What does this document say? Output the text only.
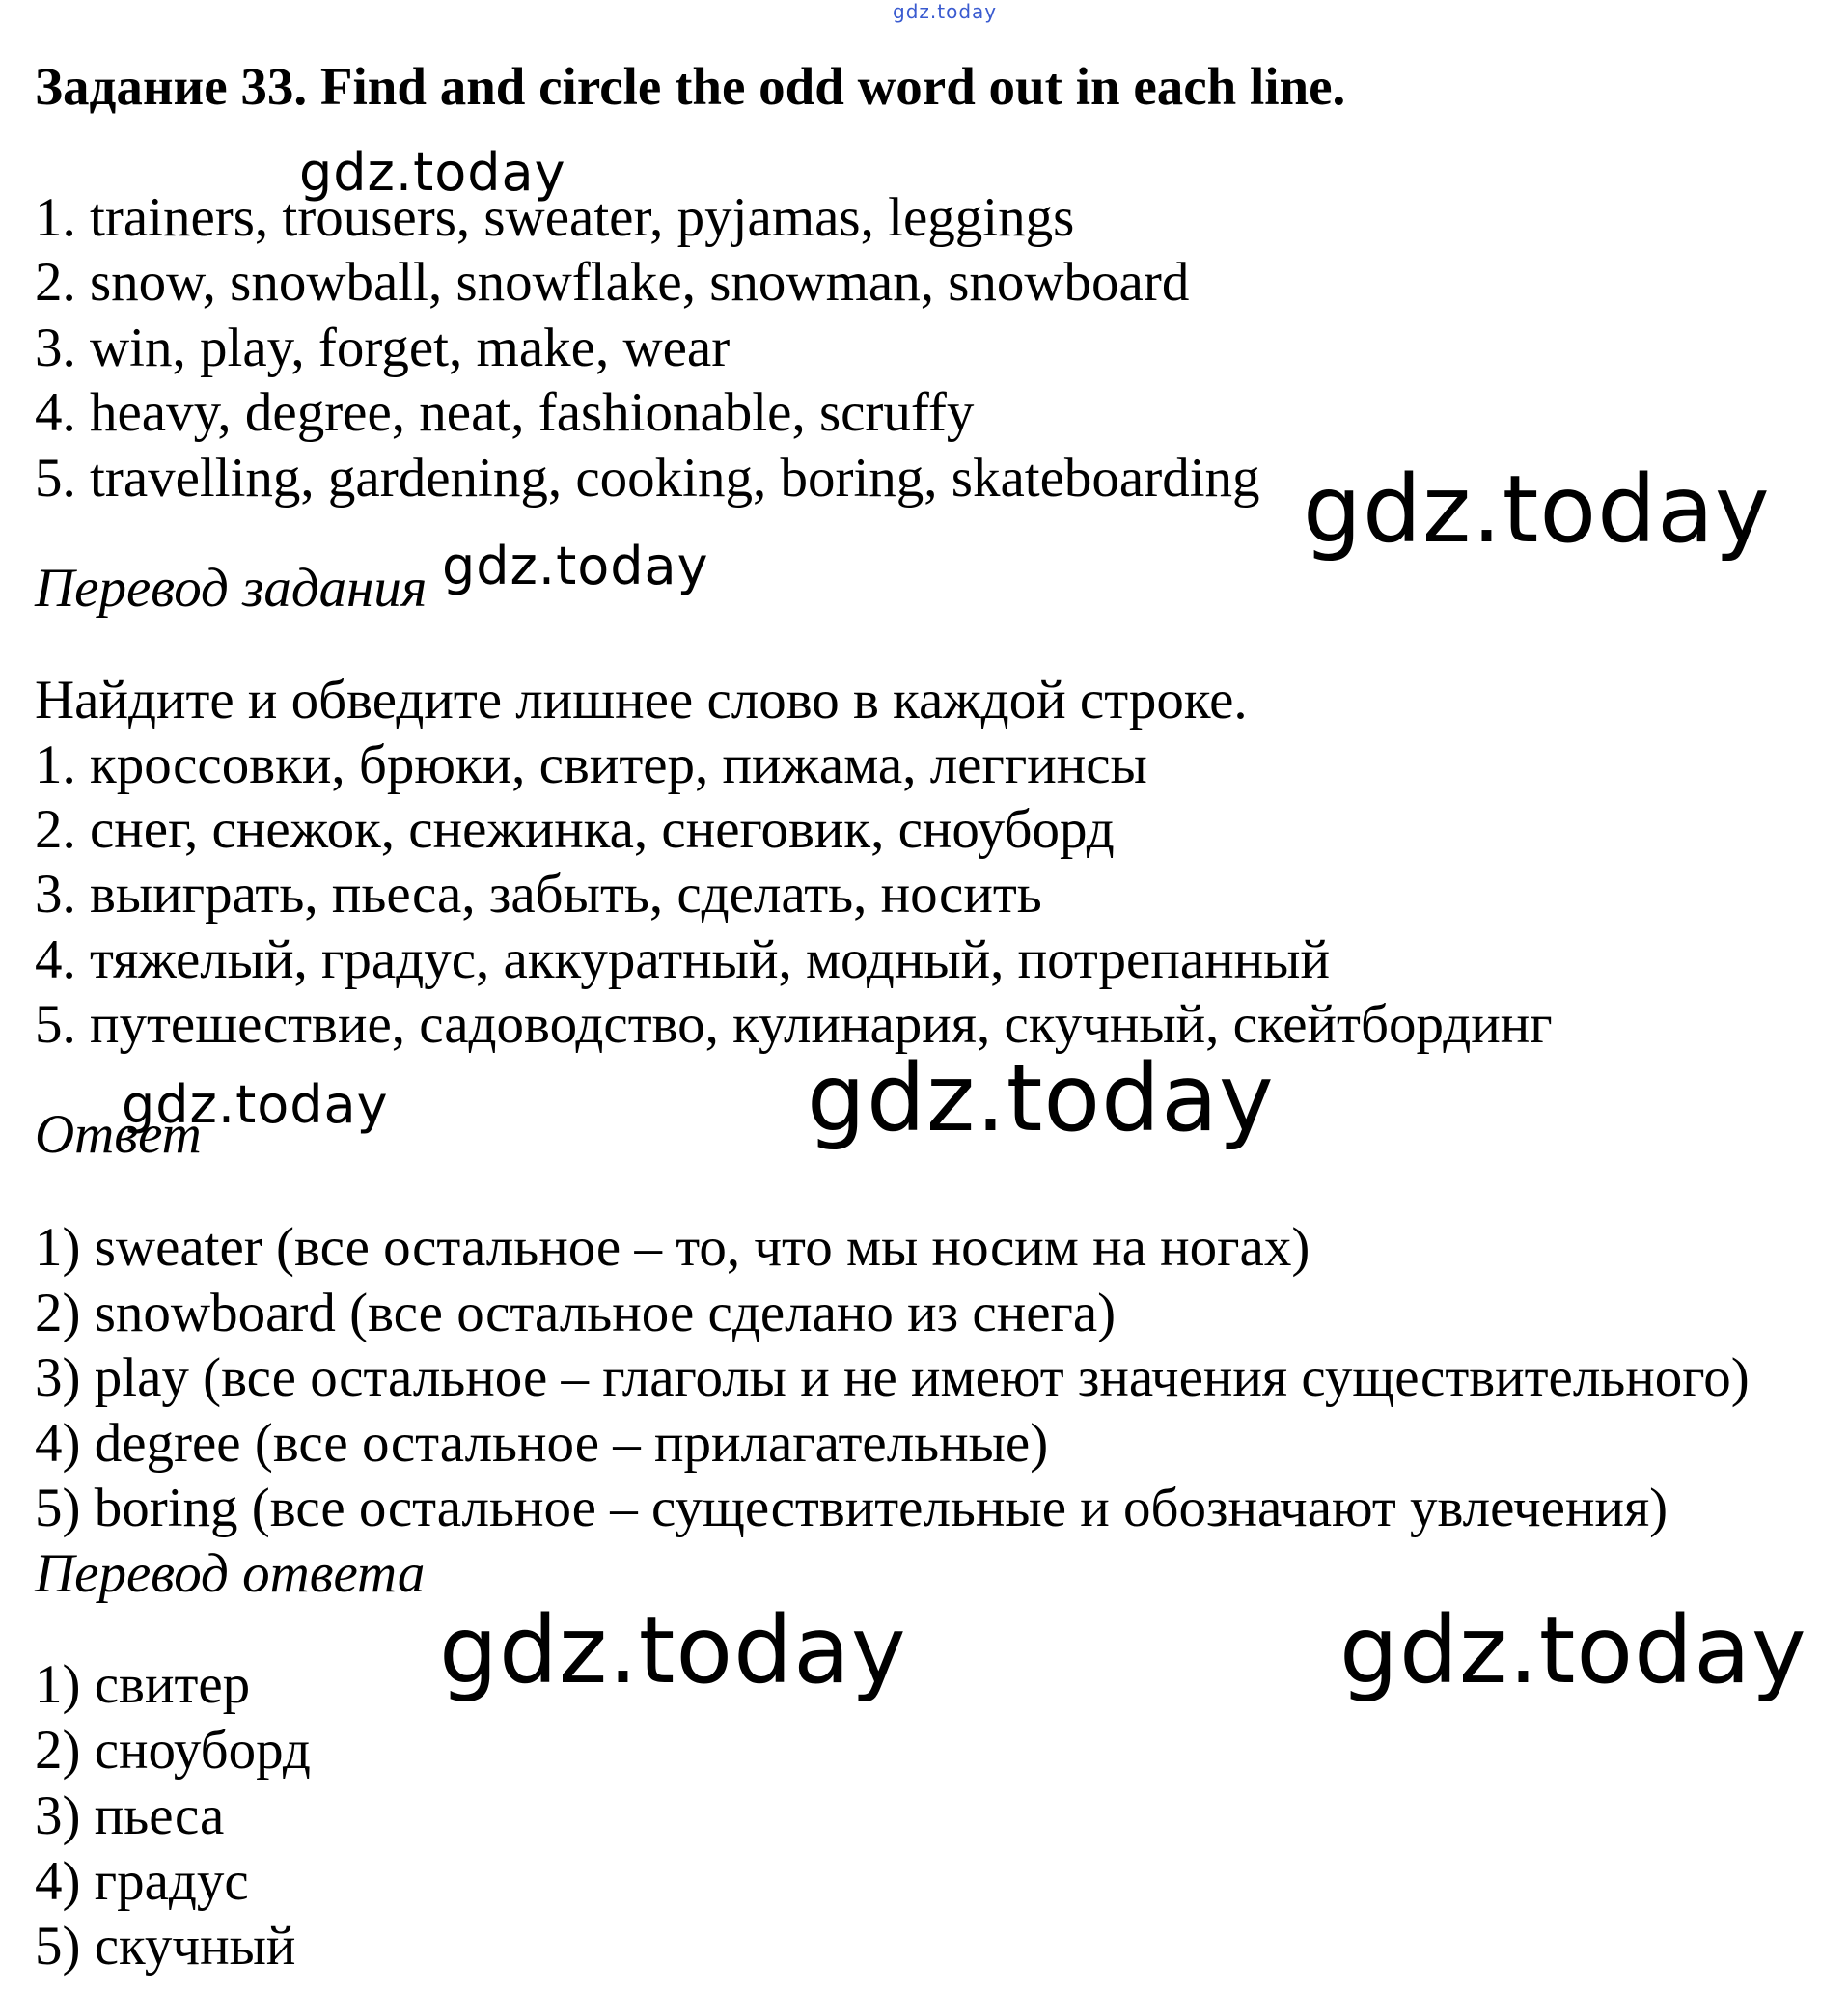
gdz.today
gdz.today
gdz.today
gdz.today
gdz.today	gdz.today
gdz.today	gdz.today
Задание 33. Find and circle the odd word out in each line.
1. trainers, trousers, sweater, pyjamas, leggings
2. snow, snowball, snowflake, snowman, snowboard
3. win, play, forget, make, wear
4. heavy, degree, neat, fashionable, scruffy
5. travelling, gardening, cooking, boring, skateboarding
Перевод задания
Найдите и обведите лишнее слово в каждой строке.
1. кроссовки, брюки, свитер, пижама, леггинсы
2. снег, снежок, снежинка, снеговик, сноуборд
3. выиграть, пьеса, забыть, сделать, носить
4. тяжелый, градус, аккуратный, модный, потрепанный
5. путешествие, садоводство, кулинария, скучный, скейтбординг
Ответ
1) sweater (все остальное – то, что мы носим на ногах)
2) snowboard (все остальное сделано из снега)
3) play (все остальное – глаголы и не имеют значения существительного)
4) degree (все остальное – прилагательные)
5) boring (все остальное – существительные и обозначают увлечения)
Перевод ответа
1) свитер
2) сноуборд
3) пьеса
4) градус
5) скучный
